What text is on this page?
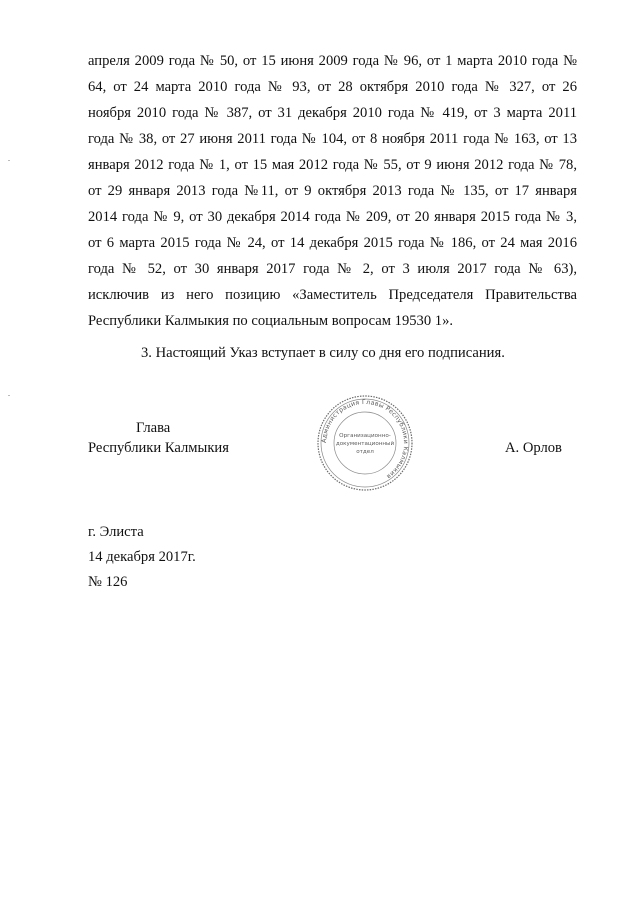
апреля 2009 года № 50, от 15 июня 2009 года № 96, от 1 марта 2010 года №
64, от 24 марта 2010 года № 93, от 28 октября 2010 года № 327, от 26
ноября 2010 года № 387, от 31 декабря 2010 года № 419, от 3 марта 2011
года № 38, от 27 июня 2011 года № 104, от 8 ноября 2011 года № 163, от 13
января 2012 года № 1, от 15 мая 2012 года № 55, от 9 июня 2012 года № 78,
от 29 января 2013 года №11, от 9 октября 2013 года № 135, от 17 января
2014 года № 9, от 30 декабря 2014 года № 209, от 20 января 2015 года № 3,
от 6 марта 2015 года № 24, от 14 декабря 2015 года № 186, от 24 мая 2016
года № 52, от 30 января 2017 года № 2, от 3 июля 2017 года № 63),
исключив из него позицию «Заместитель Председателя Правительства
Республики Калмыкия по социальным вопросам 19530 1».
3. Настоящий Указ вступает в силу со дня его подписания.
Глава
Республики Калмыкия	Администрация Главы Республики Калмыкия
Организационно-
документационный
отдел	А. Орлов
г. Элиста
14 декабря 2017г.
№ 126
